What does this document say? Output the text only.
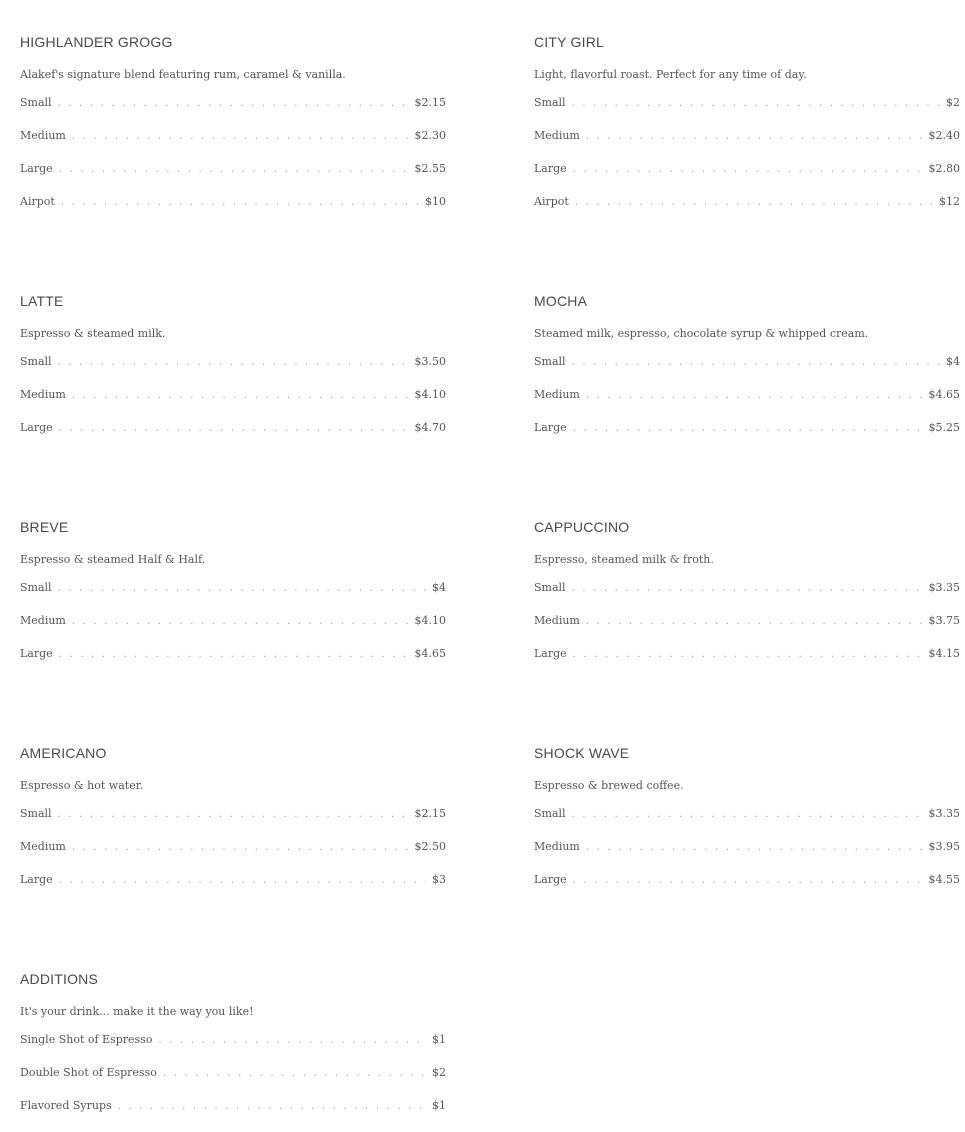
HIGHLANDER GROGG
Alakef's signature blend featuring rum, caramel & vanilla.
Small . . .	$2.15
Medium . . .	$2.30
Large . . .	$2.55
Airpot . . .	$10
CITY GIRL
Light, flavorful roast. Perfect for any time of day.
Small . . .	$2
Medium . . .	$2.40
Large . . .	$2.80
Airpot . . .	$12
LATTE
Espresso & steamed milk.
Small . . .	$3.50
Medium . . .	$4.10
Large . . .	$4.70
MOCHA
Steamed milk, espresso, chocolate syrup & whipped cream.
Small . . .	$4
Medium . . .	$4.65
Large . . .	$5.25
BREVE
Espresso & steamed Half & Half.
Small . . .	$4
Medium . . .	$4.10
Large . . .	$4.65
CAPPUCCINO
Espresso, steamed milk & froth.
Small . . .	$3.35
Medium . . .	$3.75
Large . . .	$4.15
AMERICANO
Espresso & hot water.
Small . . .	$2.15
Medium . . .	$2.50
Large . . .	$3
SHOCK WAVE
Espresso & brewed coffee.
Small . . .	$3.35
Medium . . .	$3.95
Large . . .	$4.55
ADDITIONS
It's your drink... make it the way you like!
Single Shot of Espresso . . .	$1
Double Shot of Espresso . . .	$2
Flavored Syrups . . .	$1
